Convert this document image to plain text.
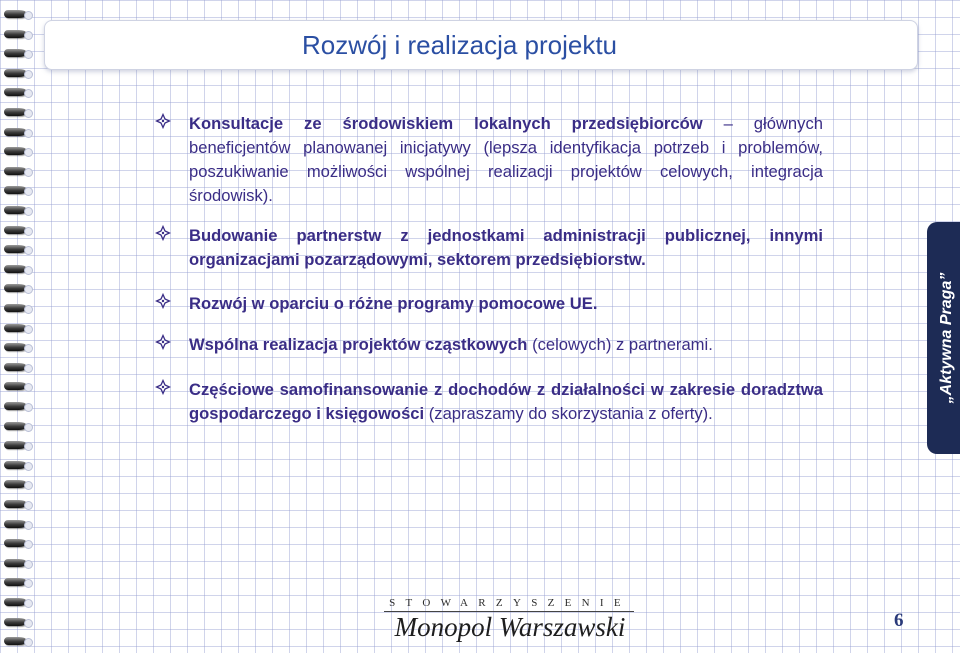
Rozwój i realizacja projektu

Konsultacje ze środowiskiem lokalnych przedsiębiorców – głównych beneficjentów planowanej inicjatywy (lepsza identyfikacja potrzeb i problemów, poszukiwanie możliwości wspólnej realizacji projektów celowych, integracja środowisk).

Budowanie partnerstw z jednostkami administracji publicznej, innymi organizacjami pozarządowymi, sektorem przedsiębiorstw.

Rozwój w oparciu o różne programy pomocowe UE.

Wspólna realizacja projektów cząstkowych (celowych) z partnerami.

Częściowe samofinansowanie z dochodów z działalności w zakresie doradztwa gospodarczego i księgowości (zapraszamy do skorzystania z oferty).

„Aktywna Praga”
STOWARZYSZENIE
Monopol Warszawski	6
